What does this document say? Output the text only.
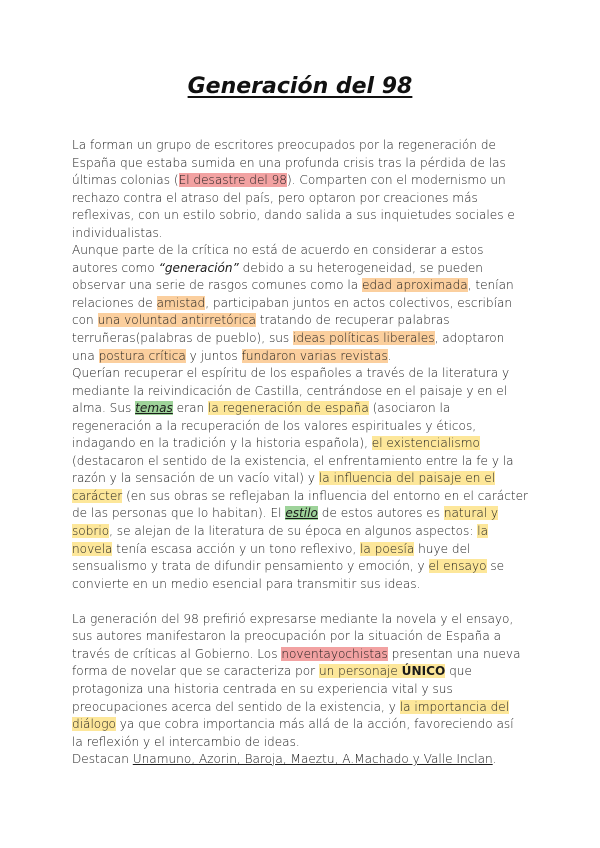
Generación del 98

La forman un grupo de escritores preocupados por la regeneración de España que estaba sumida en una profunda crisis tras la pérdida de las últimas colonias (El desastre del 98). Comparten con el modernismo un rechazo contra el atraso del país, pero optaron por creaciones más reflexivas, con un estilo sobrio, dando salida a sus inquietudes sociales e individualistas.

Aunque parte de la crítica no está de acuerdo en considerar a estos autores como “generación” debido a su heterogeneidad, se pueden observar una serie de rasgos comunes como la edad aproximada, tenían relaciones de amistad, participaban juntos en actos colectivos, escribían con una voluntad antirretórica tratando de recuperar palabras terruñeras(palabras de pueblo), sus ideas políticas liberales, adoptaron una postura crítica y juntos fundaron varias revistas.

Querían recuperar el espíritu de los españoles a través de la literatura y mediante la reivindicación de Castilla, centrándose en el paisaje y en el alma. Sus temas eran la regeneración de españa (asociaron la regeneración a la recuperación de los valores espirituales y éticos, indagando en la tradición y la historia española), el existencialismo (destacaron el sentido de la existencia, el enfrentamiento entre la fe y la razón y la sensación de un vacío vital) y la influencia del paisaje en el carácter (en sus obras se reflejaban la influencia del entorno en el carácter de las personas que lo habitan). El estilo de estos autores es natural y sobrio, se alejan de la literatura de su época en algunos aspectos: la novela tenía escasa acción y un tono reflexivo, la poesía huye del sensualismo y trata de difundir pensamiento y emoción, y el ensayo se convierte en un medio esencial para transmitir sus ideas.

La generación del 98 prefirió expresarse mediante la novela y el ensayo, sus autores manifestaron la preocupación por la situación de España a través de críticas al Gobierno. Los noventayochistas presentan una nueva forma de novelar que se caracteriza por un personaje ÚNICO que protagoniza una historia centrada en su experiencia vital y sus preocupaciones acerca del sentido de la existencia, y la importancia del diálogo ya que cobra importancia más allá de la acción, favoreciendo así la reflexión y el intercambio de ideas.

Destacan Unamuno, Azorin, Baroja, Maeztu, A.Machado y Valle Inclan.
